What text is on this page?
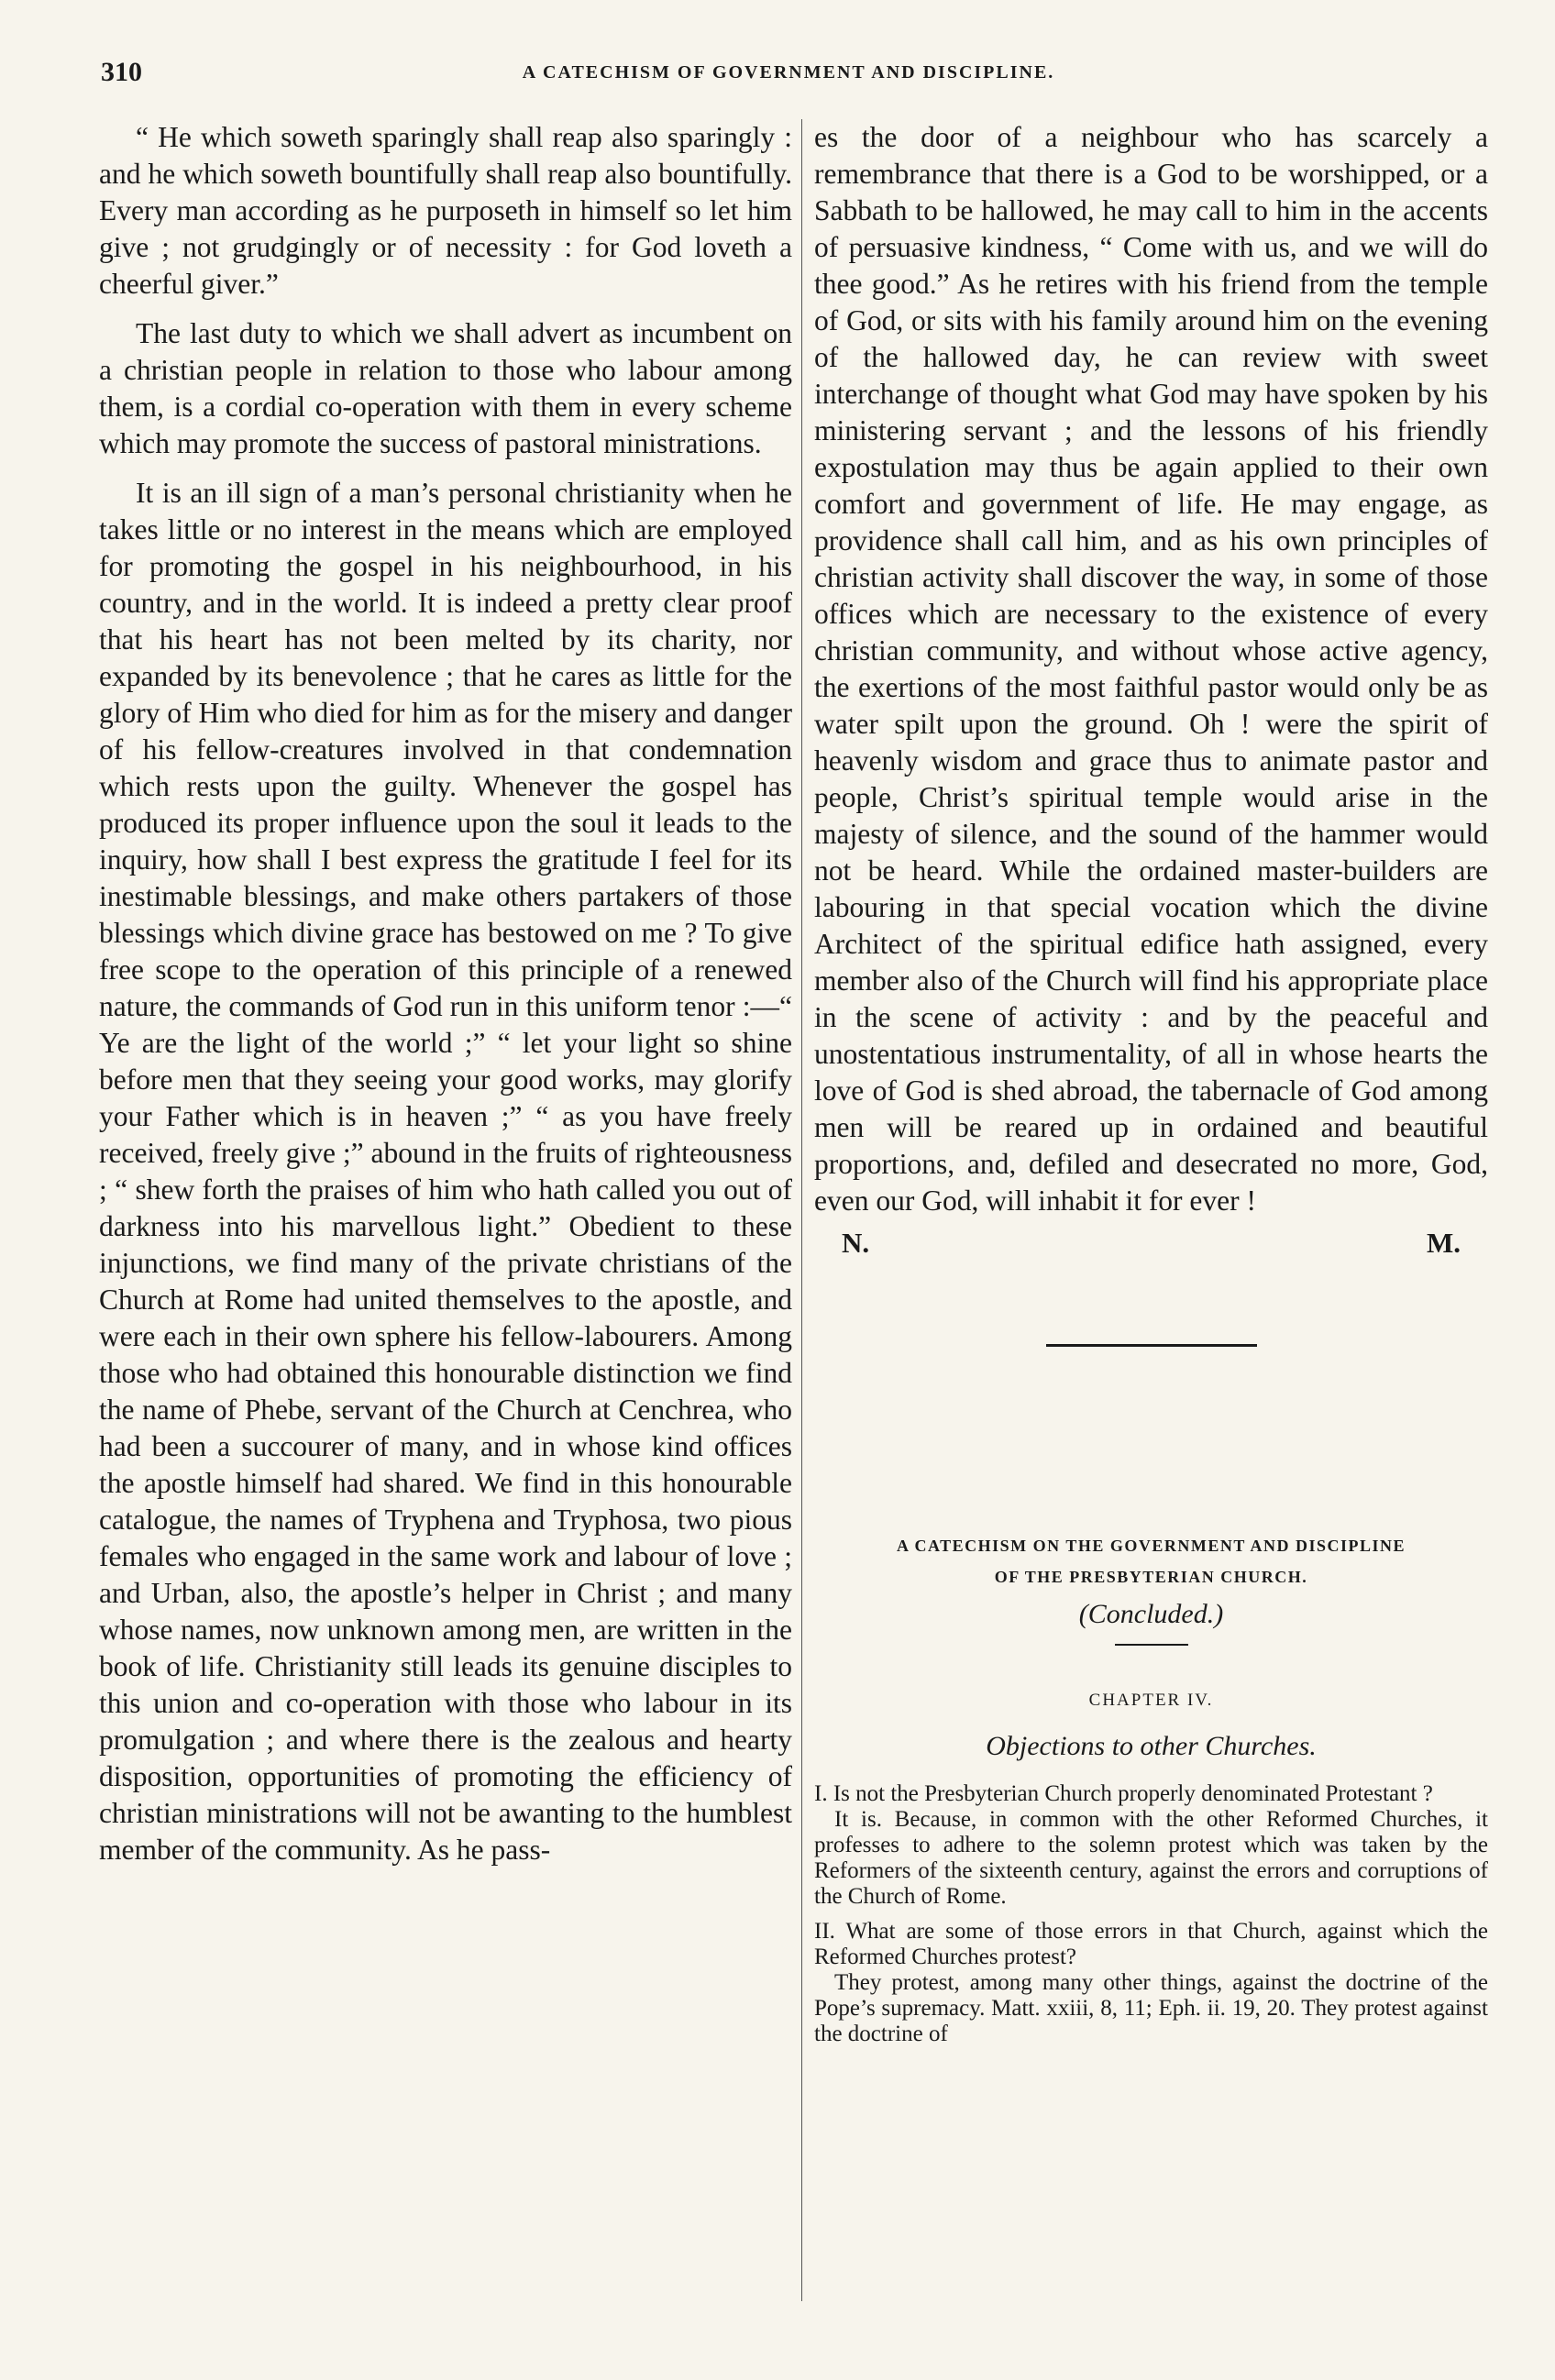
310	A CATECHISM OF GOVERNMENT AND DISCIPLINE.

“ He which soweth sparingly shall reap also sparingly : and he which soweth bountifully shall reap also bountifully. Every man according as he purposeth in himself so let him give ; not grudgingly or of necessity : for God loveth a cheerful giver.”

The last duty to which we shall advert as incumbent on a christian people in relation to those who labour among them, is a cordial co-operation with them in every scheme which may promote the success of pastoral ministrations.

It is an ill sign of a man’s personal christianity when he takes little or no interest in the means which are employed for promoting the gospel in his neighbourhood, in his country, and in the world. It is indeed a pretty clear proof that his heart has not been melted by its charity, nor expanded by its benevolence ; that he cares as little for the glory of Him who died for him as for the misery and danger of his fellow-creatures involved in that condemnation which rests upon the guilty. Whenever the gospel has produced its proper influence upon the soul it leads to the inquiry, how shall I best express the gratitude I feel for its inestimable blessings, and make others partakers of those blessings which divine grace has bestowed on me ? To give free scope to the operation of this principle of a renewed nature, the commands of God run in this uniform tenor :—“ Ye are the light of the world ;” “ let your light so shine before men that they seeing your good works, may glorify your Father which is in heaven ;” “ as you have freely received, freely give ;” abound in the fruits of righteousness ; “ shew forth the praises of him who hath called you out of darkness into his marvellous light.” Obedient to these injunctions, we find many of the private christians of the Church at Rome had united themselves to the apostle, and were each in their own sphere his fellow-labourers. Among those who had obtained this honourable distinction we find the name of Phebe, servant of the Church at Cenchrea, who had been a succourer of many, and in whose kind offices the apostle himself had shared. We find in this honourable catalogue, the names of Tryphena and Tryphosa, two pious females who engaged in the same work and labour of love ; and Urban, also, the apostle’s helper in Christ ; and many whose names, now unknown among men, are written in the book of life. Christianity still leads its genuine disciples to this union and co-operation with those who labour in its promulgation ; and where there is the zealous and hearty disposition, opportunities of promoting the efficiency of christian ministrations will not be awanting to the humblest member of the community. As he pass-

es the door of a neighbour who has scarcely a remembrance that there is a God to be worshipped, or a Sabbath to be hallowed, he may call to him in the accents of persuasive kindness, “ Come with us, and we will do thee good.” As he retires with his friend from the temple of God, or sits with his family around him on the evening of the hallowed day, he can review with sweet interchange of thought what God may have spoken by his ministering servant ; and the lessons of his friendly expostulation may thus be again applied to their own comfort and government of life. He may engage, as providence shall call him, and as his own principles of christian activity shall discover the way, in some of those offices which are necessary to the existence of every christian community, and without whose active agency, the exertions of the most faithful pastor would only be as water spilt upon the ground. Oh ! were the spirit of heavenly wisdom and grace thus to animate pastor and people, Christ’s spiritual temple would arise in the majesty of silence, and the sound of the hammer would not be heard. While the ordained master-builders are labouring in that special vocation which the divine Architect of the spiritual edifice hath assigned, every member also of the Church will find his appropriate place in the scene of activity : and by the peaceful and unostentatious instrumentality, of all in whose hearts the love of God is shed abroad, the tabernacle of God among men will be reared up in ordained and beautiful proportions, and, defiled and desecrated no more, God, even our God, will inhabit it for ever !

N.	M.
A CATECHISM ON THE GOVERNMENT AND DISCIPLINE
OF THE PRESBYTERIAN CHURCH.
(Concluded.)
CHAPTER IV.
Objections to other Churches.

I. Is not the Presbyterian Church properly denominated Protestant ?

It is. Because, in common with the other Reformed Churches, it professes to adhere to the solemn protest which was taken by the Reformers of the sixteenth century, against the errors and corruptions of the Church of Rome.

II. What are some of those errors in that Church, against which the Reformed Churches protest?

They protest, among many other things, against the doctrine of the Pope’s supremacy. Matt. xxiii, 8, 11; Eph. ii. 19, 20. They protest against the doctrine of
